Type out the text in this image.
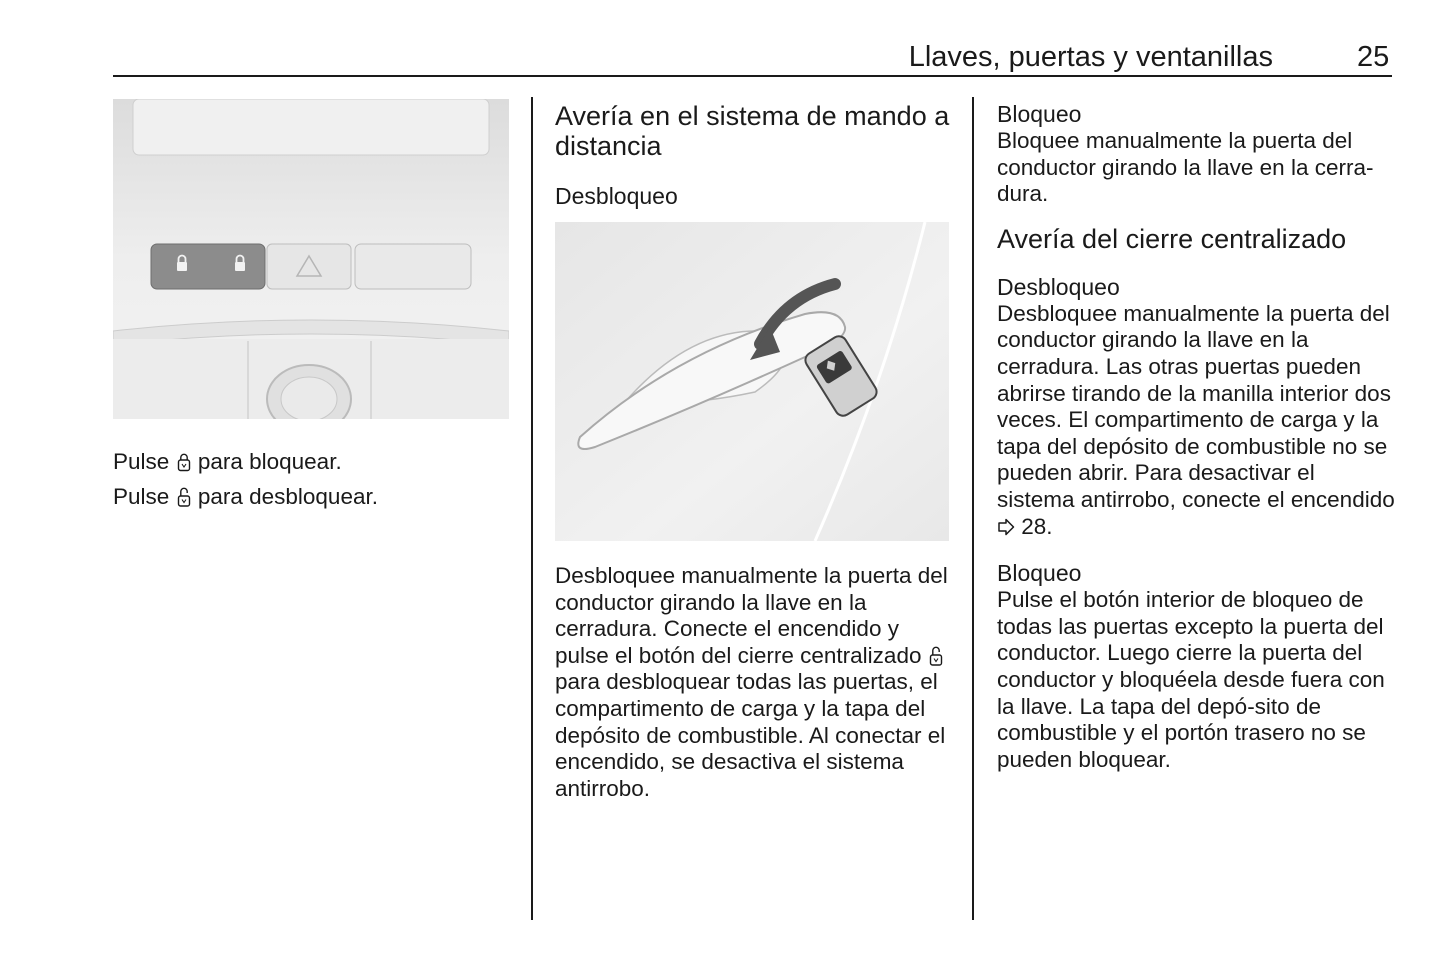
Llaves, puertas y ventanillas	25

Pulse para bloquear.

Pulse para desbloquear.

Avería en el sistema de mando a distancia

Desbloqueo

Desbloquee manualmente la puerta del conductor girando la llave en la cerradura. Conecte el encendido y pulse el botón del cierre centralizado  para desbloquear todas las puertas, el compartimento de carga y la tapa del depósito de combustible. Al conectar el encendido, se desactiva el sistema antirrobo.

Bloqueo

Bloquee manualmente la puerta del conductor girando la llave en la cerra-dura.

Avería del cierre centralizado

Desbloqueo

Desbloquee manualmente la puerta del conductor girando la llave en la cerradura. Las otras puertas pueden abrirse tirando de la manilla interior dos veces. El compartimento de carga y la tapa del depósito de combustible no se pueden abrir. Para desactivar el sistema antirrobo, conecte el encendido  28.

Bloqueo

Pulse el botón interior de bloqueo de todas las puertas excepto la puerta del conductor. Luego cierre la puerta del conductor y bloquéela desde fuera con la llave. La tapa del depó-sito de combustible y el portón trasero no se pueden bloquear.
